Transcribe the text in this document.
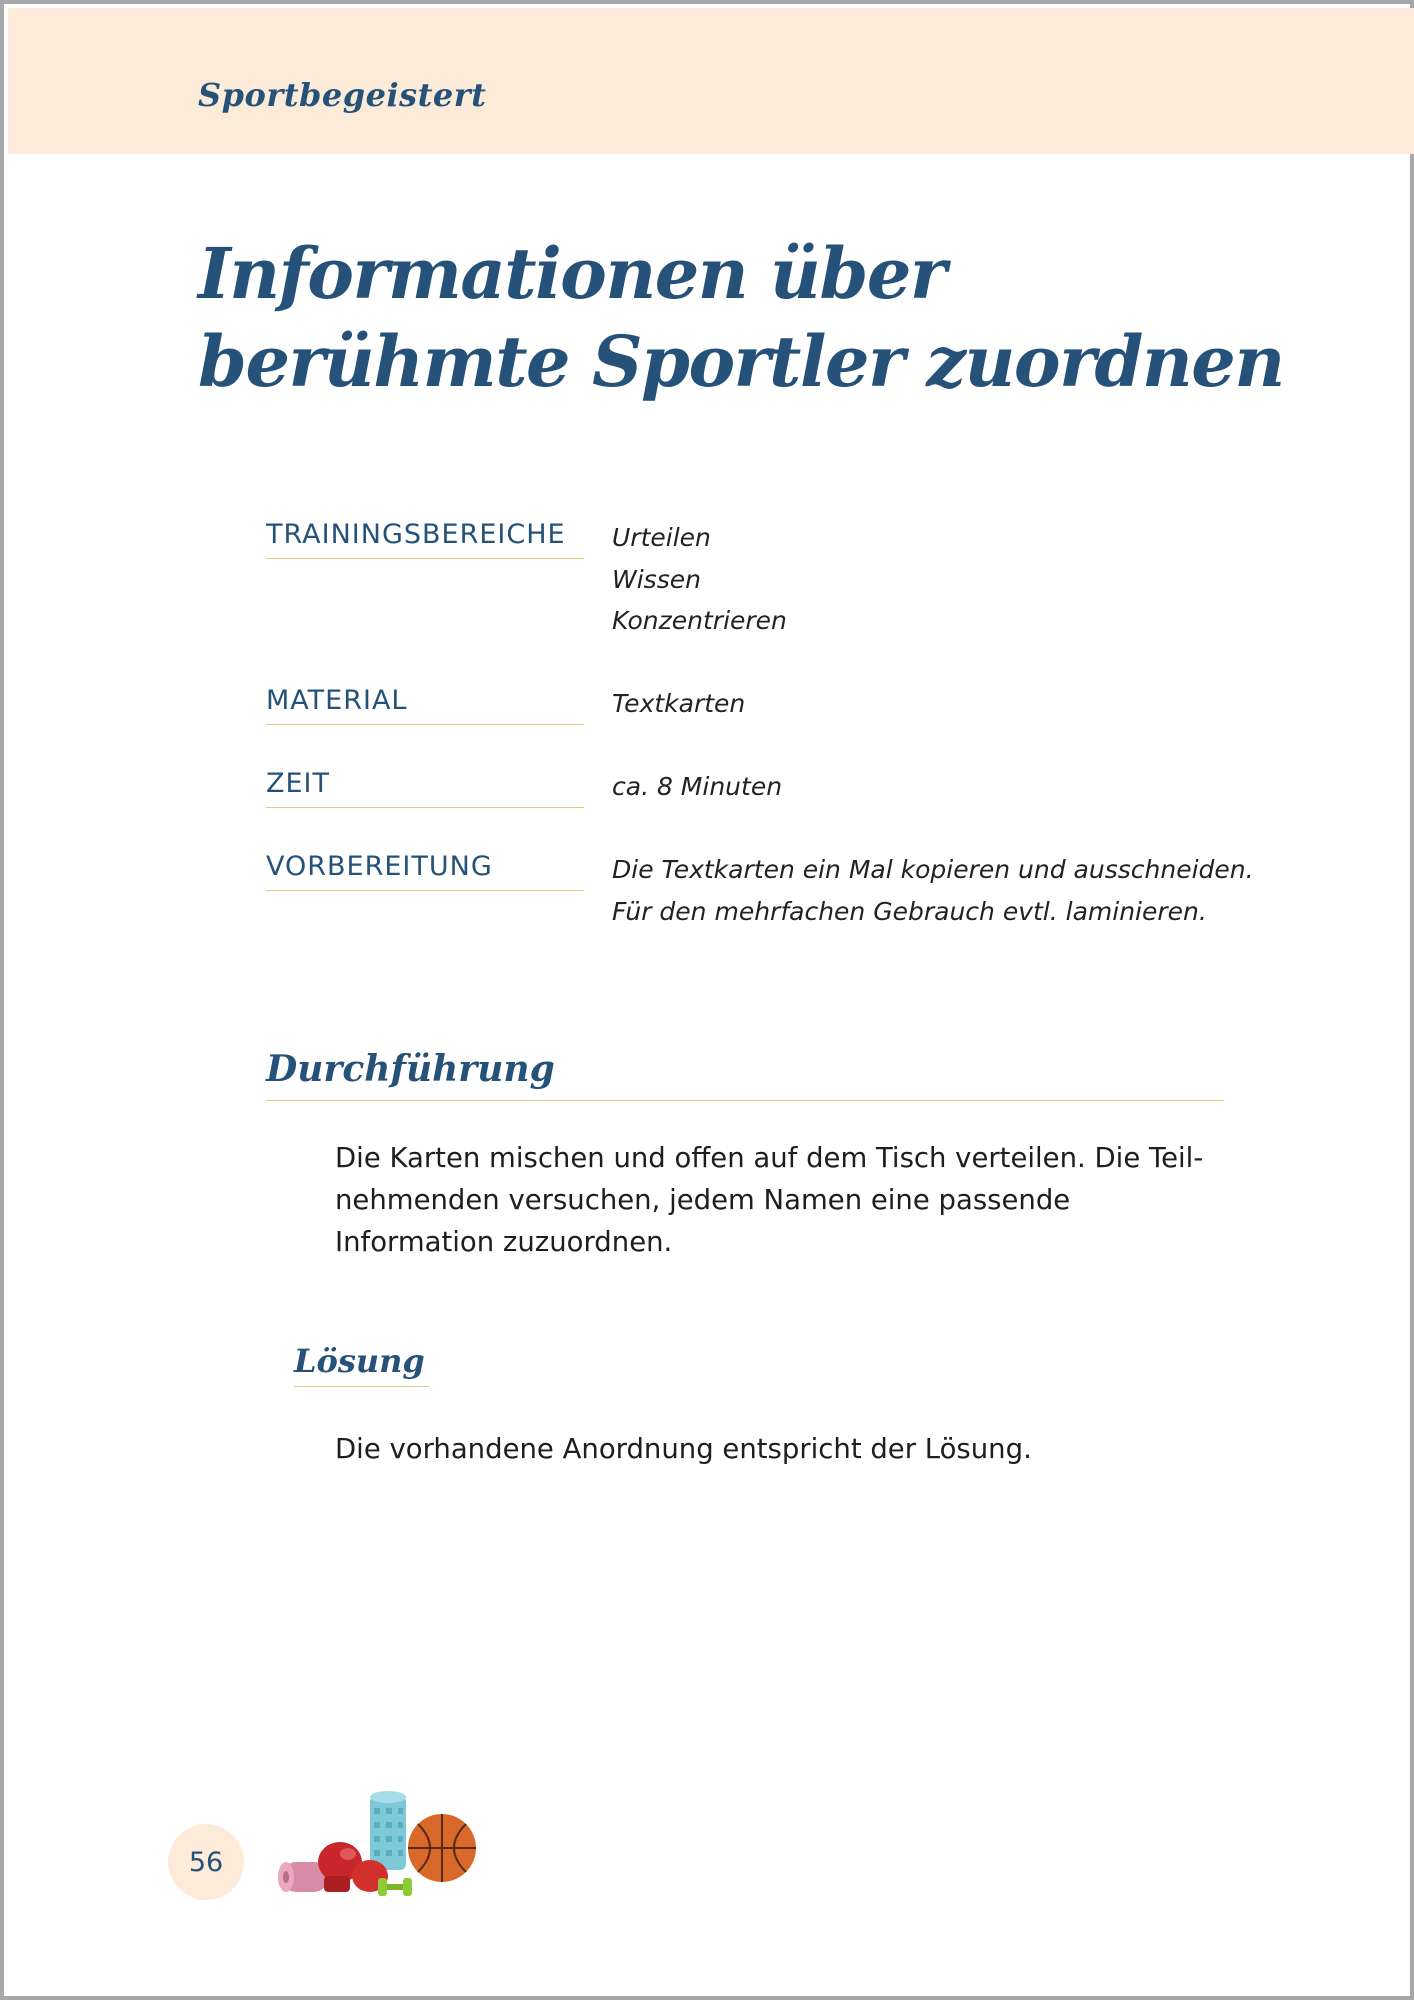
Sportbegeistert
Informationen über
berühmte Sportler zuordnen
TRAININGSBEREICHE	Urteilen
Wissen
Konzentrieren
MATERIAL	Textkarten
ZEIT	ca. 8 Minuten
VORBEREITUNG	Die Textkarten ein Mal kopieren und ausschneiden.
Für den mehrfachen Gebrauch evtl. laminieren.
Durchführung

Die Karten mischen und offen auf dem Tisch verteilen. Die Teilnehmenden versuchen, jedem Namen eine passende Information zuzuordnen.

Lösung

Die vorhandene Anordnung entspricht der Lösung.

56
